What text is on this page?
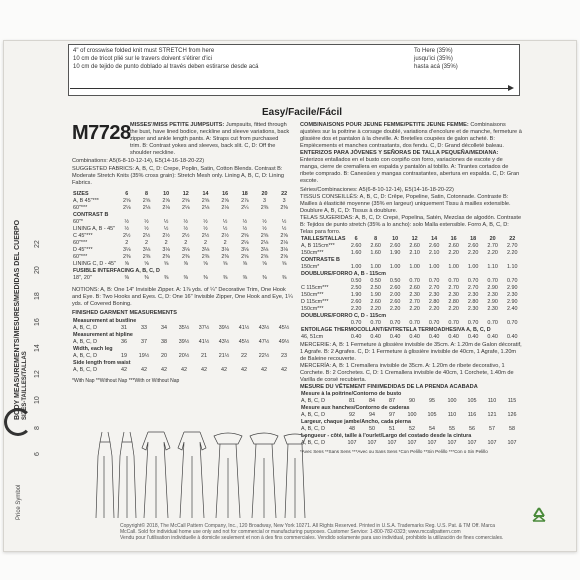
BODY MEASUREMENTS/MESURES/MEDIDAS DEL CUERPO SIZES-TAILLES/TALLAS
Price Symbol
6
8
10
12
14
16
18
20
22
4" of crosswise folded knit must STRETCH from here
10 cm de tricot plié sur le travers doivent s'étirer d'ici
10 cm de tejido de punto doblado al través deben estirarse desde acá
To Here (35%)
jusqu'ici (35%)
hasta acá (35%)
Easy/Facile/Fácil
M7728 MISSES'/MISS PETITE JUMPSUITS: Jumpsuits, fitted through the bust, have lined bodice, neckline and sleeve variations, back zipper and ankle length pants. A: Straps cut from purchased trim. B: Contrast yokes and sleeves, back slit. C, D: Off the shoulder neckline.
Combinations: A5(6-8-10-12-14), E5(14-16-18-20-22)
SUGGESTED FABRICS: A, B, C, D: Crepe, Poplin, Satin, Cotton Blends. Contrast B: Moderate Stretch Knits (35% cross grain): Stretch Mesh only. Lining A, B, C, D: Lining Fabrics.
SIZES	6	8	10	12	14	16	18	20	22
A, B 45"***	2⅝	2⅝	2⅝	2⅝	2⅝	2⅝	2⅞	3	3
60"***	2⅛	2⅛	2⅛	2⅛	2⅛	2⅛	2¼	2⅜	2⅜
CONTRAST B									
60"*	½	½	½	½	½	½	½	½	½
LINING A, B - 45"	½	½	½	½	½	½	½	½	½
C 45"***	2½	2½	2½	2½	2½	2½	2⅝	2⅝	2⅝
60"***	2	2	2	2	2	2	2⅛	2⅛	2⅛
D 45"***	3⅛	3⅛	3⅛	3⅛	3⅛	3⅛	3⅛	3⅛	3⅛
60"***	2⅜	2⅜	2⅜	2⅜	2⅜	2⅜	2⅝	2⅝	2⅝
LINING C, D - 45"	⅝	⅝	⅝	⅝	⅝	⅝	⅝	⅝	⅝
FUSIBLE INTERFACING A, B, C, D									
18", 20"	⅜	⅜	⅜	⅜	⅜	⅜	⅜	⅜	⅜
NOTIONS: A, B: One 14" Invisible Zipper. A: 1⅞ yds. of ¼" Decorative Trim, One Hook and Eye. B: Two Hooks and Eyes. C, D: One 16" Invisible Zipper, One Hook and Eye, 1¼ yds. of Covered Boning.
FINISHED GARMENT MEASUREMENTS
Measurement at bustline									
A, B, C, D	31	33	34	35½	37½	39½	41½	43½	45½
Measurement at hipline									
A, B, C, D	36	37	38	39½	41½	43½	45½	47½	49½
Width, each leg									
A, B, C, D	19	19½	20	20½	21	21½	22	22½	23
Side length from waist									
A, B, C, D	42	42	42	42	42	42	42	42	42
*With Nap **Without Nap ***With or Without Nap
COMBINAISONS POUR JEUNE FEMME/PETITE JEUNE FEMME: Combinaisons ajustées sur la poitrine à corsage doublé, variations d'encolure et de manche, fermeture à glissière dos et pantalon à la cheville. A: Bretelles coupées de galon acheté. B: Empiècements et manches contrastants, dos fendu. C, D: Grand décolleté baleau. ENTERIZOS PARA JÓVENES Y SEÑORAS DE TALLA PEQUEÑA/MEDIANA: Enterizos entallados en el busto con corpiño con forro, variaciones de escote y de manga, cierre de cremallera en espalda y pantalón al tobillo. A: Tirantes cortados de ribete comprado. B: Canesúes y mangas contrastantes, abertura en espalda. C, D: Gran escote.
Séries/Combinaciones: A5(6-8-10-12-14), E5(14-16-18-20-22)
TISSUS CONSEILLÉS: A, B, C, D: Crêpe, Popeline, Satin, Cotonnade. Contraste B: Mailles à élasticité moyenne (35% en largeur) uniquement Tissu à mailles extensible. Doublure A, B, C, D: Tissus à doublure.
TELAS SUGERIDAS: A, B, C, D: Crepé, Popelina, Satén, Mezclas de algodón. Contraste B: Tejidos de punto stretch (35% a lo ancho): solo Malla extensible. Forro A, B, C, D: Telas para forro.
TAILLES/TALLAS	6	8	10	12	14	16	18	20	22
A, B 115cm***	2.60	2.60	2.60	2.60	2.60	2.60	2.60	2.70	2.70
150cm***	1.60	1.60	1.90	2.10	2.10	2.20	2.20	2.20	2.20
CONTRASTE B									
150cm*	1.00	1.00	1.00	1.00	1.00	1.00	1.00	1.10	1.10
DOUBLURE/FORRO A, B - 115cm									
	0.50	0.50	0.50	0.70	0.70	0.70	0.70	0.70	0.70
C 115cm***	2.50	2.50	2.60	2.60	2.70	2.70	2.70	2.90	2.90
150cm***	1.90	1.90	2.00	2.30	2.30	2.30	2.30	2.30	2.30
D 115cm***	2.60	2.60	2.60	2.70	2.80	2.80	2.80	2.90	2.90
150cm***	2.20	2.20	2.20	2.20	2.20	2.20	2.30	2.30	2.40
DOUBLURE/FORRO C, D - 115cm									
	0.70	0.70	0.70	0.70	0.70	0.70	0.70	0.70	0.70
ENTOILAGE THERMOCOLLANT/ENTRETELA TERMOADHESIVA A, B, C, D									
46, 51cm	0.40	0.40	0.40	0.40	0.40	0.40	0.40	0.40	0.40
MERCERIE: A, B: 1 Fermeture à glissière invisible de 35cm. A: 1.20m de Galon décoratif, 1 Agrafe. B: 2 Agrafes. C, D: 1 Fermeture à glissière invisible de 40cm, 1 Agrafe, 1.20m de Baleine recouverte.
MERCERÍA: A, B: 1 Cremallera invisible de 35cm. A: 1.20m de ribete decorativo, 1 Corchete. B: 2 Corchetes. C, D: 1 Cremallera invisible de 40cm, 1 Corchete, 1.40m de Varilla de corsé recubierta.
MESURE DU VÊTEMENT FINI/MEDIDAS DE LA PRENDA ACABADA
Mesure à la poitrine/Contorno de busto									
A, B, C, D	81	84	87	90	95	100	105	110	115
Mesure aux hanches/Contorno de caderas									
A, B, C, D	92	94	97	100	105	110	116	121	126
Largeur, chaque jambe/Ancho, cada pierna									
A, B, C, D	48	50	51	52	54	55	56	57	58
Longueur - côté, taille à l'ourlet/Largo del costado desde la cintura									
A, B, C, D	107	107	107	107	107	107	107	107	107
*Avec Sens **Sans Sens ***Avec ou Sans Sens *Con Pelillo **Sin Pelillo ***Con o Sin Pelillo
Copyright© 2018, The McCall Pattern Company, Inc., 120 Broadway, New York 10271. All Rights Reserved. Printed in U.S.A. Trademarks Reg. U.S. Pat. & TM Off. Marca
McCall. Sold for individual home use only and not for commercial or manufacturing purposes. Customer Service: 1-800-782-0323; www.mccallpattern.com
Vendu pour l'utilisation individuelle à domicile seulement et non à des fins commerciales. Vendido solamente para uso individual, prohibido la utilización de fines comerciales.
